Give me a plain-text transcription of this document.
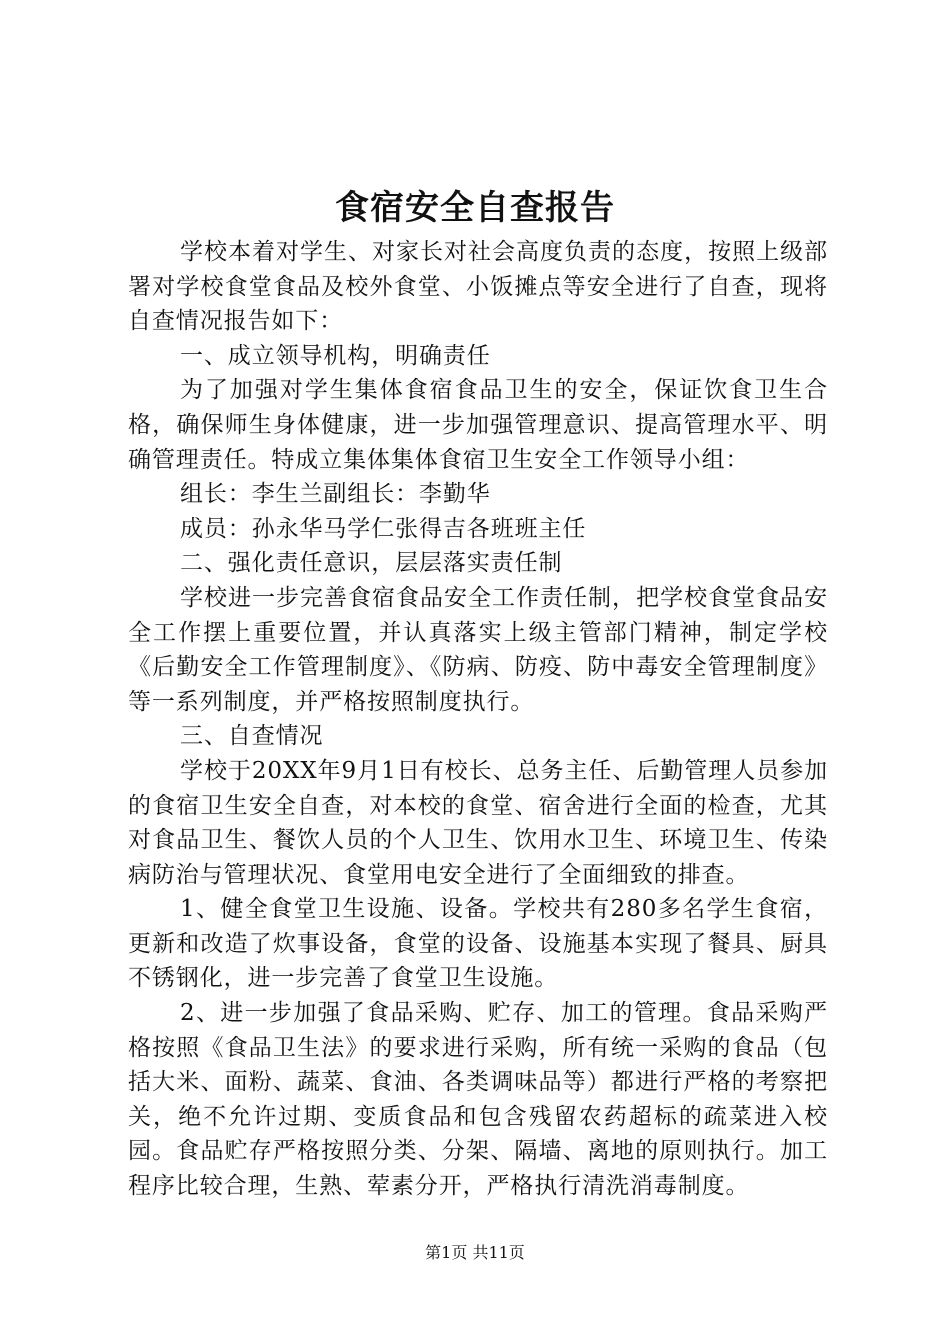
食宿安全自查报告

学校本着对学生、对家长对社会高度负责的态度，按照上级部署对学校食堂食品及校外食堂、小饭摊点等安全进行了自查，现将自查情况报告如下：

一、成立领导机构，明确责任

为了加强对学生集体食宿食品卫生的安全，保证饮食卫生合格，确保师生身体健康，进一步加强管理意识、提高管理水平、明确管理责任。特成立集体集体食宿卫生安全工作领导小组：

组长：李生兰副组长：李勤华

成员：孙永华马学仁张得吉各班班主任

二、强化责任意识，层层落实责任制

学校进一步完善食宿食品安全工作责任制，把学校食堂食品安全工作摆上重要位置，并认真落实上级主管部门精神，制定学校《后勤安全工作管理制度》、《防病、防疫、防中毒安全管理制度》等一系列制度，并严格按照制度执行。

三、自查情况

学校于20XX年9月1日有校长、总务主任、后勤管理人员参加的食宿卫生安全自查，对本校的食堂、宿舍进行全面的检查，尤其对食品卫生、餐饮人员的个人卫生、饮用水卫生、环境卫生、传染病防治与管理状况、食堂用电安全进行了全面细致的排查。

1、健全食堂卫生设施、设备。学校共有280多名学生食宿，更新和改造了炊事设备，食堂的设备、设施基本实现了餐具、厨具不锈钢化，进一步完善了食堂卫生设施。

2、进一步加强了食品采购、贮存、加工的管理。食品采购严格按照《食品卫生法》的要求进行采购，所有统一采购的食品（包括大米、面粉、蔬菜、食油、各类调味品等）都进行严格的考察把关，绝不允许过期、变质食品和包含残留农药超标的疏菜进入校园。食品贮存严格按照分类、分架、隔墙、离地的原则执行。加工程序比较合理，生熟、荤素分开，严格执行清洗消毒制度。

第1页 共11页
